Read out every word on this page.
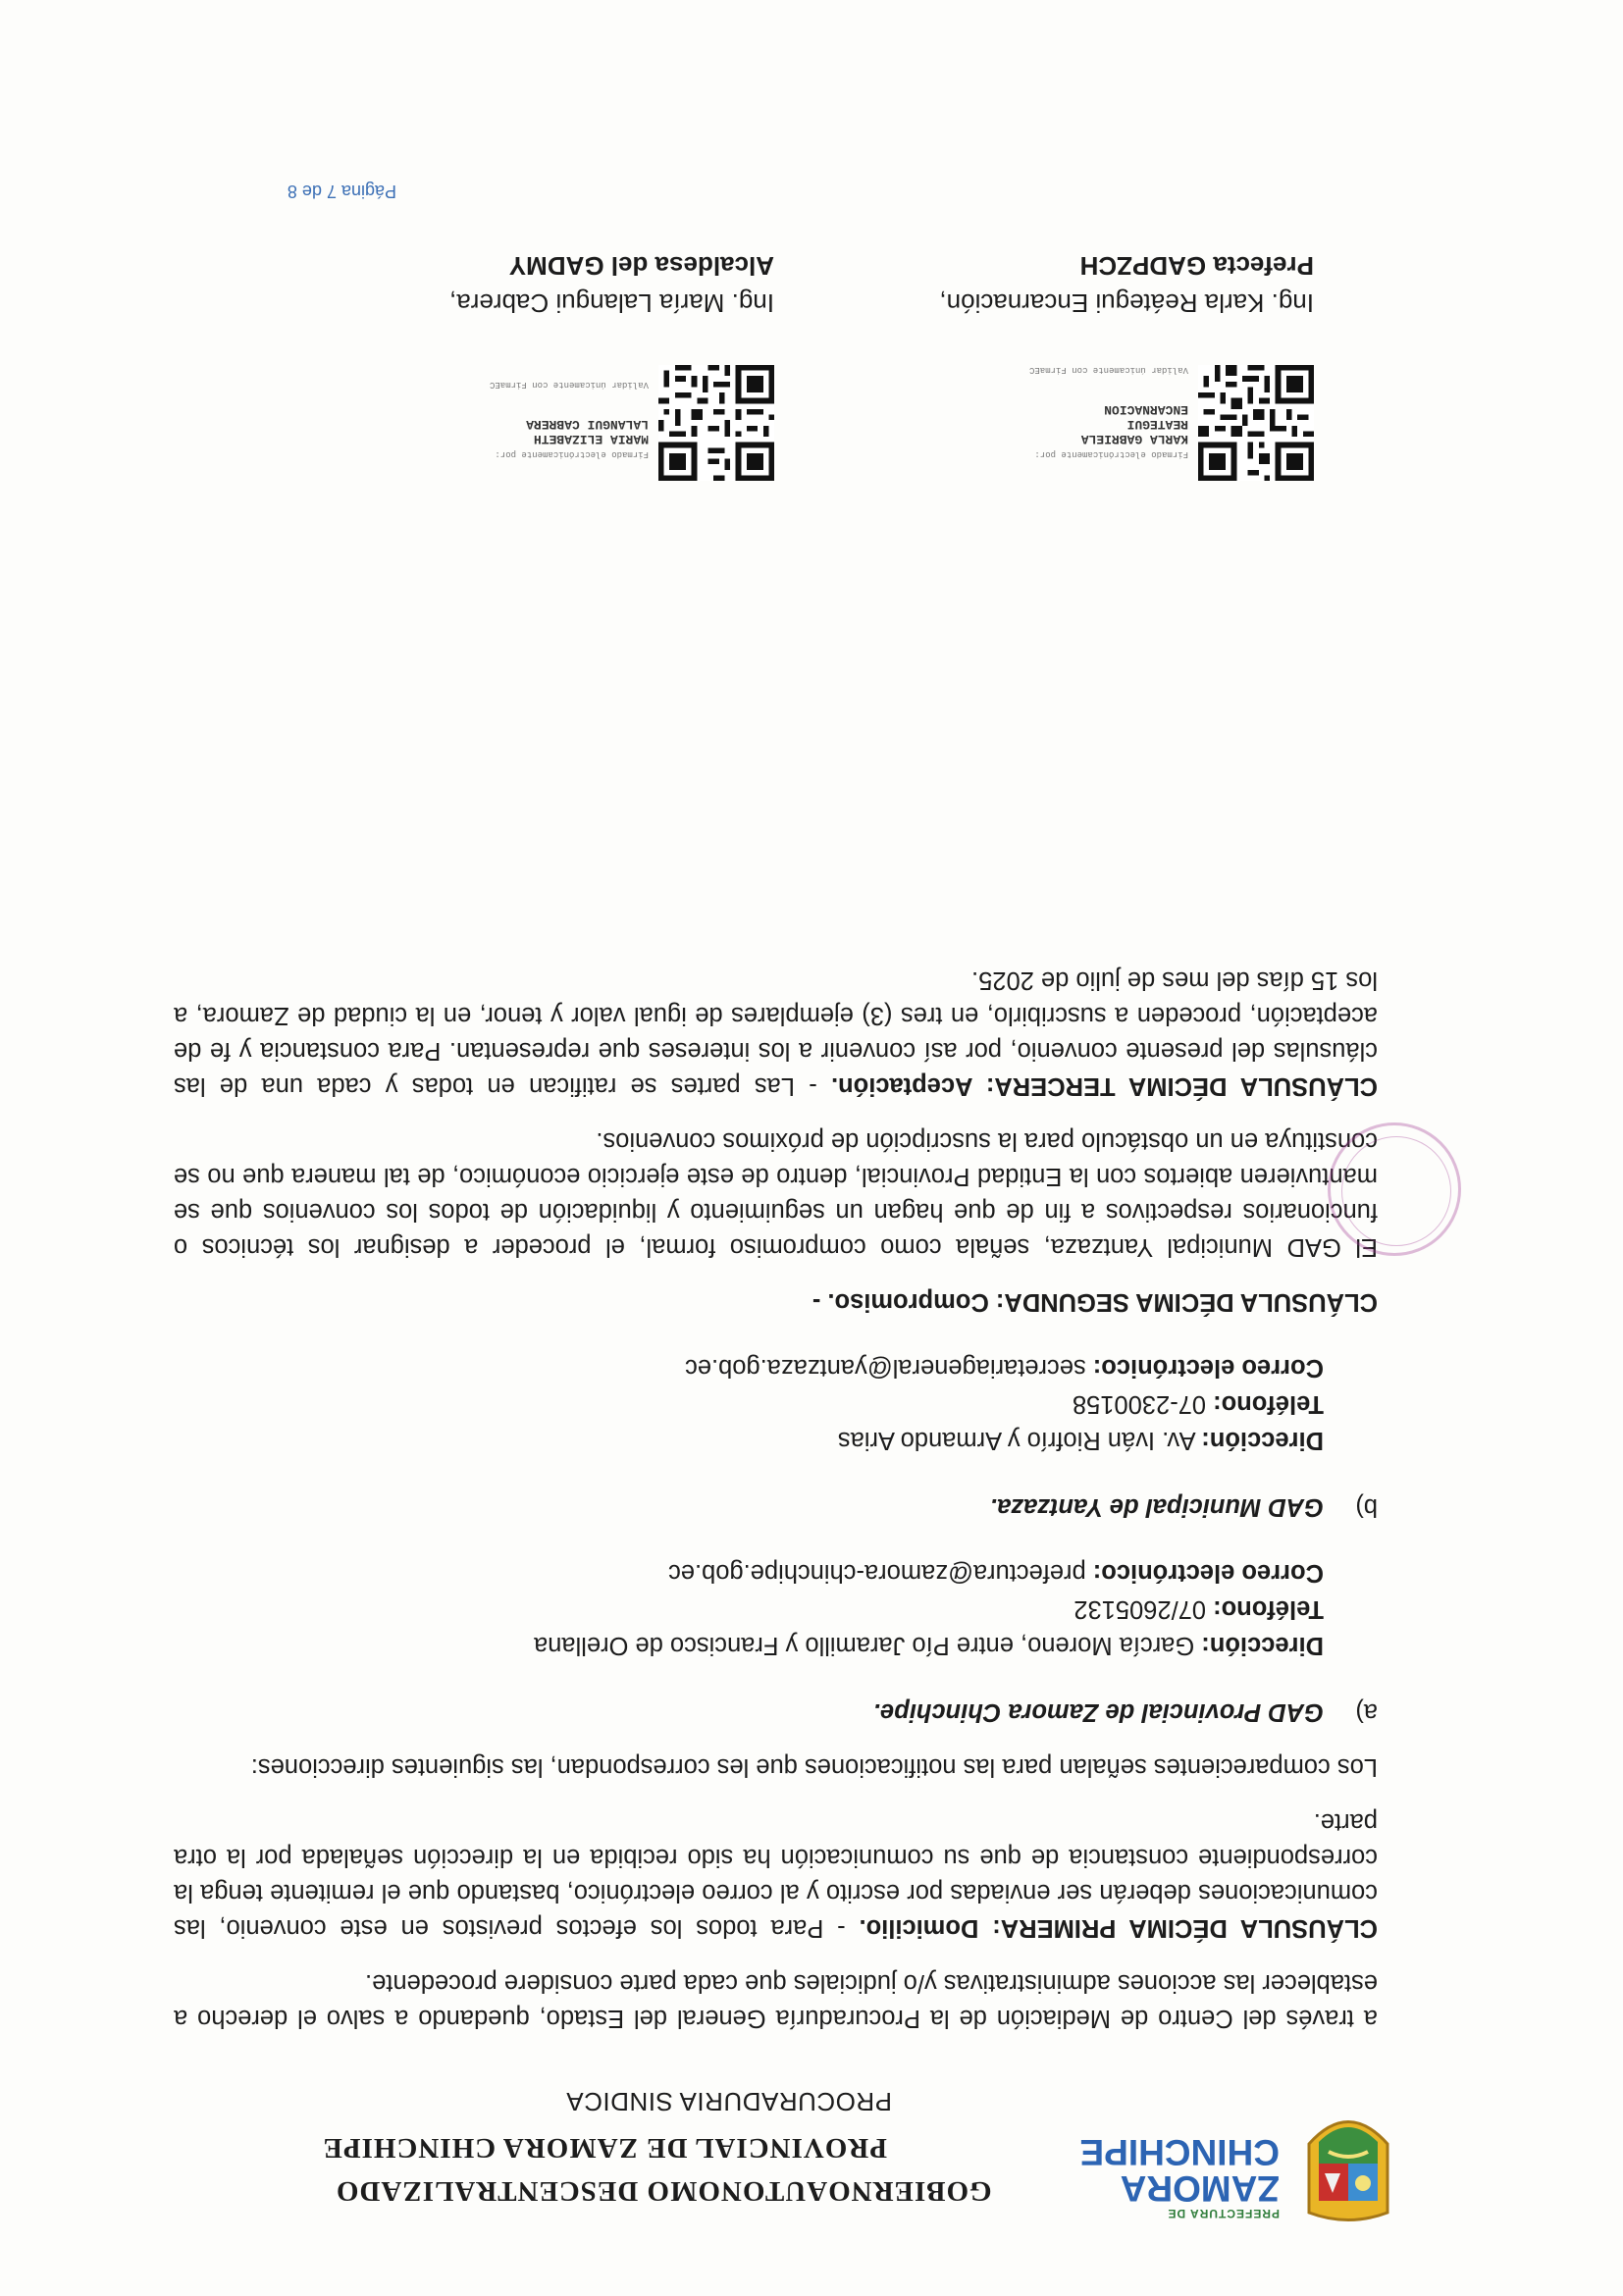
PREFECTURA DE
ZAMORA
CHINCHIPE
GOBIERNOAUTONOMO DESCENTRALIZADO
PROVINCIAL DE ZAMORA CHINCHIPE
PROCURADURIA SINDICA

a través del Centro de Mediación de la Procuraduría General del Estado, quedando a salvo el derecho a establecer las acciones administrativas y/o judiciales que cada parte considere procedente.

CLÁUSULA DÉCIMA PRIMERA: Domicilio. - Para todos los efectos previstos en este convenio, las comunicaciones deberán ser enviadas por escrito y al correo electrónico, bastando que el remitente tenga la correspondiente constancia de que su comunicación ha sido recibida en la dirección señalada por la otra parte.

Los comparecientes señalan para las notificaciones que les correspondan, las siguientes direcciones:

a)GAD Provincial de Zamora Chinchipe.
Dirección: García Moreno, entre Pío Jaramillo y Francisco de Orellana
Teléfono: 07/2605132
Correo electrónico: prefectura@zamora-chinchipe.gob.ec
b)GAD Municipal de Yantzaza.
Dirección: Av. Iván Riofrío y Armando Arias
Teléfono: 07-2300158
Correo electrónico: secretariageneral@yantzaza.gob.ec

CLÁUSULA DÉCIMA SEGUNDA: Compromiso. -

El GAD Municipal Yantzaza, señala como compromiso formal, el proceder a designar los técnicos o funcionarios respectivos a fin de que hagan un seguimiento y liquidación de todos los convenios que se mantuvieren abiertos con la Entidad Provincial, dentro de este ejercicio económico, de tal manera que no se constituya en un obstáculo para la suscripción de próximos convenios.

CLÁUSULA DÉCIMA TERCERA: Aceptación. - Las partes se ratifican en todas y cada una de las cláusulas del presente convenio, por así convenir a los intereses que representan. Para constancia y fe de aceptación, proceden a suscribirlo, en tres (3) ejemplares de igual valor y tenor, en la ciudad de Zamora, a los 15 días del mes de julio de 2025.

Firmado electrónicamente por:
KARLA GABRIELA
REATEGUI
ENCARNACION
Validar únicamente con FirmaEC
Ing. Karla Reátegui Encarnación,
Prefecta GADPZCH
Firmado electrónicamente por:
MARIA ELIZABETH
LALANGUI CABRERA
Validar únicamente con FirmaEC
Ing. María Lalangui Cabrera,
Alcaldesa del GADMY
Página 7 de 8
